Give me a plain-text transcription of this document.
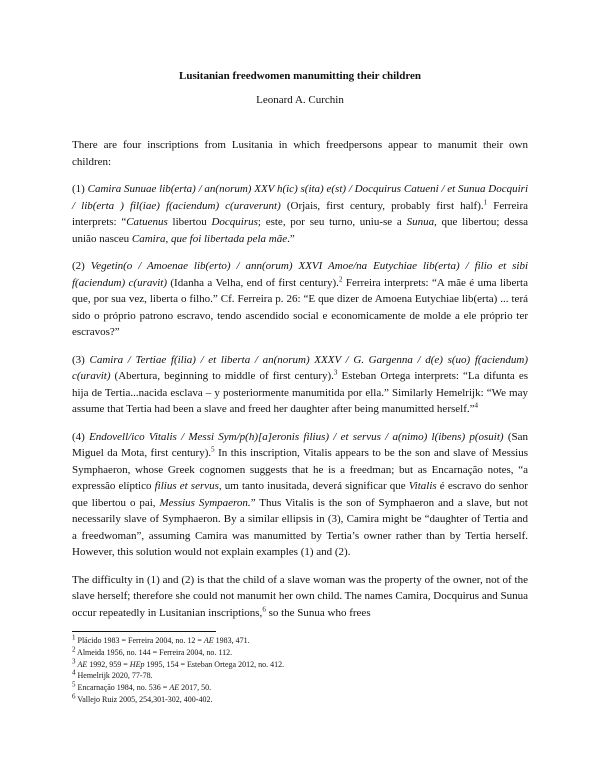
Lusitanian freedwomen manumitting their children
Leonard A. Curchin

There are four inscriptions from Lusitania in which freedpersons appear to manumit their own children:

(1) Camira Sunuae lib(erta) / an(norum) XXV h(ic) s(ita) e(st) / Docquirus Catueni / et Sunua Docquiri / lib(erta ) fil(iae) f(aciendum) c(uraverunt) (Orjais, first century, probably first half).$^1$ Ferreira interprets: “Catuenus libertou Docquirus; este, por seu turno, uniu-se a Sunua, que libertou; dessa união nasceu Camira, que foi libertada pela mãe.”

(2) Vegetin(o / Amoenae lib(erto) / ann(orum) XXVI Amoe/na Eutychiae lib(erta) / filio et sibi f(aciendum) c(uravit) (Idanha a Velha, end of first century).$^2$ Ferreira interprets: “A mãe é uma liberta que, por sua vez, liberta o filho.” Cf. Ferreira p. 26: “E que dizer de Amoena Eutychiae lib(erta) ... terá sido o próprio patrono escravo, tendo ascendido social e economicamente de molde a ele próprio ter escravos?”

(3) Camira / Tertiae f(ilia) / et liberta / an(norum) XXXV / G. Gargenna / d(e) s(uo) f(aciendum) c(uravit) (Abertura, beginning to middle of first century).$^3$ Esteban Ortega interprets: “La difunta es hija de Tertia...nacida esclava – y posteriormente manumitida por ella.” Similarly Hemelrijk: “We may assume that Tertia had been a slave and freed her daughter after being manumitted herself.”$^4$

(4) Endovell/ico Vitalis / Messi Sym/p(h)[a]eronis filius) / et servus / a(nimo) l(ibens) p(osuit) (San Miguel da Mota, first century).$^5$ In this inscription, Vitalis appears to be the son and slave of Messius Symphaeron, whose Greek cognomen suggests that he is a freedman; but as Encarnação notes, “a expressão elíptico filius et servus, um tanto inusitada, deverá significar que Vitalis é escravo do senhor que libertou o pai, Messius Sympaeron.” Thus Vitalis is the son of Symphaeron and a slave, but not necessarily slave of Symphaeron. By a similar ellipsis in (3), Camira might be “daughter of Tertia and a freedwoman”, assuming Camira was manumitted by Tertia’s owner rather than by Tertia herself. However, this solution would not explain examples (1) and (2).

The difficulty in (1) and (2) is that the child of a slave woman was the property of the owner, not of the slave herself; therefore she could not manumit her own child. The names Camira, Docquirus and Sunua occur repeatedly in Lusitanian inscriptions,$^6$ so the Sunua who frees

$^1$ Plácido 1983 = Ferreira 2004, no. 12 = AE 1983, 471.
$^2$ Almeida 1956, no. 144 = Ferreira 2004, no. 112.
$^3$ AE 1992, 959 = HEp 1995, 154 = Esteban Ortega 2012, no. 412.
$^4$ Hemelrijk 2020, 77-78.
$^5$ Encarnação 1984, no. 536 = AE 2017, 50.
$^6$ Vallejo Ruiz 2005, 254,301-302, 400-402.
